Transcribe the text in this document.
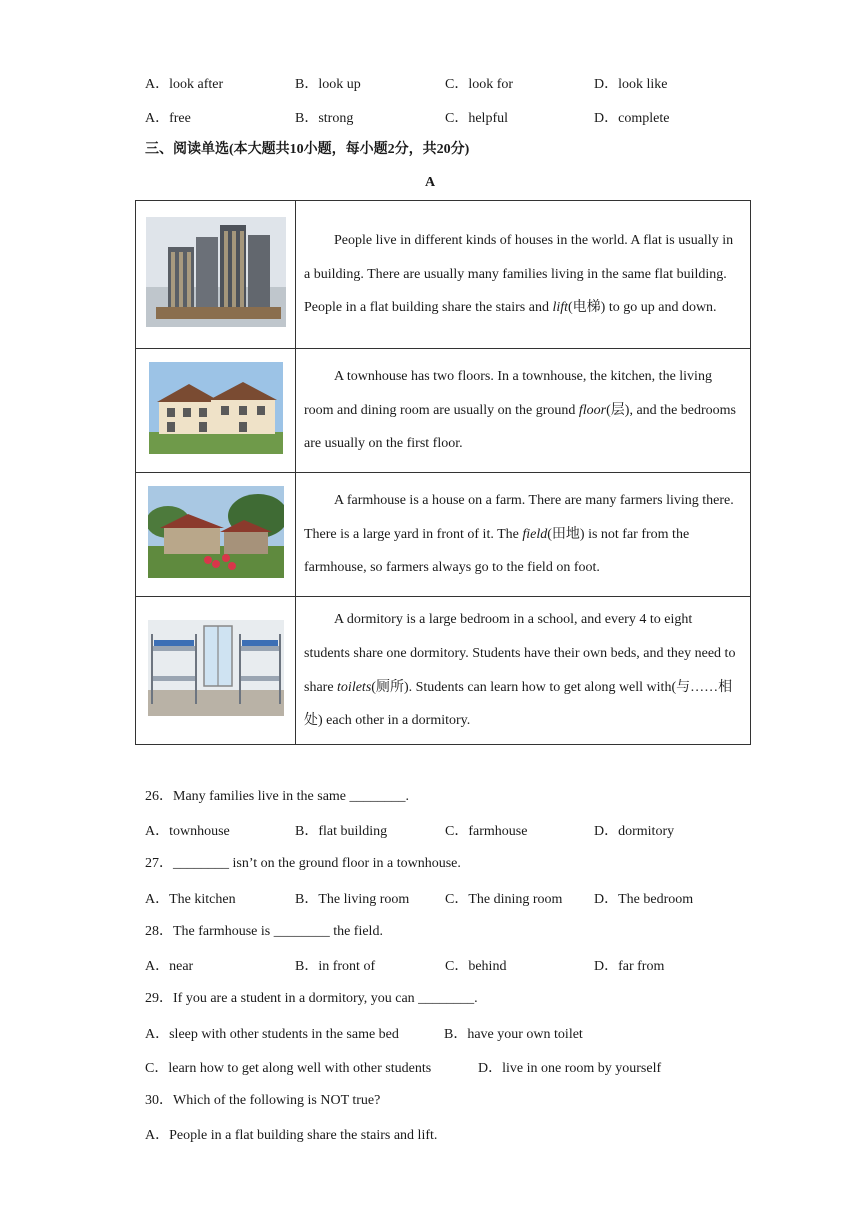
A．look after	B．look up	C．look for	D．look like
A．free	B．strong	C．helpful	D．complete
三、阅读单选(本大题共10小题，每小题2分，共20分)
A
	People live in different kinds of houses in the world. A flat is usually in a building. There are usually many families living in the same flat building. People in a flat building share the stairs and lift(电梯) to go up and down.
	A townhouse has two floors. In a townhouse, the kitchen, the living room and dining room are usually on the ground floor(层), and the bedrooms are usually on the first floor.
	A farmhouse is a house on a farm. There are many farmers living there. There is a large yard in front of it. The field(田地) is not far from the farmhouse, so farmers always go to the field on foot.
	A dormitory is a large bedroom in a school, and every 4 to eight students share one dormitory. Students have their own beds, and they need to share toilets(厕所). Students can learn how to get along well with(与……相处) each other in a dormitory.
26．Many families live in the same ________.
A．townhouse	B．flat building	C．farmhouse	D．dormitory
27．________ isn’t on the ground floor in a townhouse.
A．The kitchen	B．The living room	C．The dining room D．The bedroom
28．The farmhouse is ________ the field.
A．near	B．in front of	C．behind	D．far from
29．If you are a student in a dormitory, you can ________.
A．sleep with other students in the same bed	B．have your own toilet
C．learn how to get along well with other students	D．live in one room by yourself
30．Which of the following is NOT true?
A．People in a flat building share the stairs and lift.
